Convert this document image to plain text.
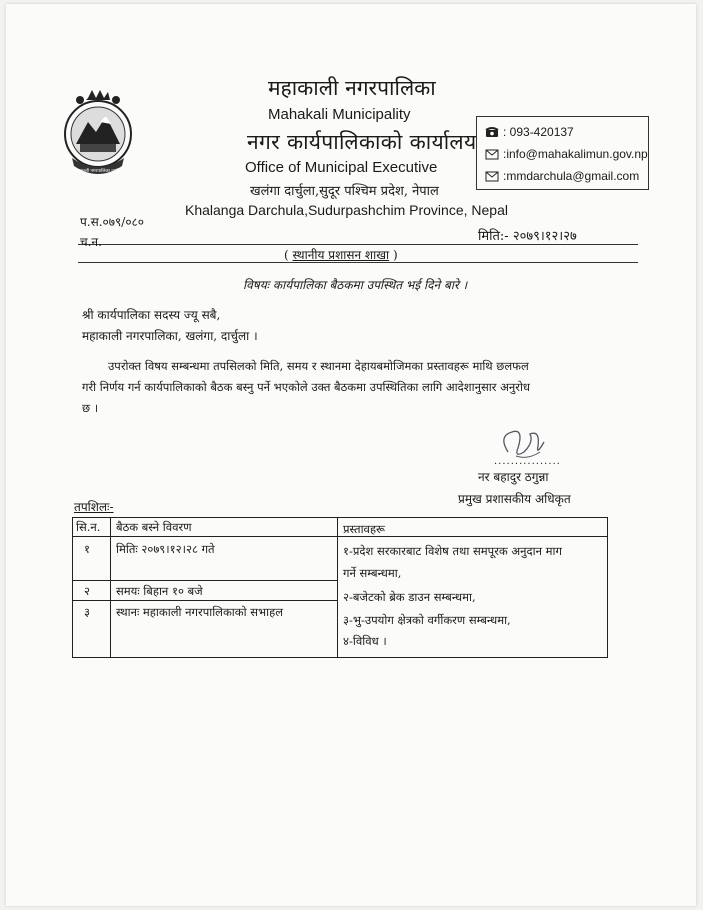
महाकाली नगरपालिका दार्चुला
महाकाली नगरपालिका
Mahakali Municipality
नगर कार्यपालिकाको कार्यालय
Office of Municipal Executive
खलंगा दार्चुला,सुदूर पश्चिम प्रदेश, नेपाल
Khalanga Darchula,Sudurpashchim Province, Nepal
: 093-420137
:info@mahakalimun.gov.np
:mmdarchula@gmail.com
प.स.०७९/०८०
मिति:- २०७९।१२।२७
च.न.
( स्थानीय प्रशासन शाखा )
विषयः कार्यपालिका बैठकमा उपस्थित भई दिने बारे ।
श्री कार्यपालिका सदस्य ज्यू सबै,
महाकाली नगरपालिका, खलंगा, दार्चुला ।
उपरोक्त विषय सम्बन्धमा तपसिलको मिति, समय र स्थानमा देहायबमोजिमका प्रस्तावहरू माथि छलफल
गरी निर्णय गर्न कार्यपालिकाको बैठक बस्नु पर्ने भएकोले उक्त बैठकमा उपस्थितिका लागि आदेशानुसार अनुरोध
छ ।
................
नर बहादुर ठगुन्ना
प्रमुख प्रशासकीय अधिकृत
तपशिलः-
सि.न. बैठक बस्ने विवरण	प्रस्तावहरू
१ मितिः २०७९।१२।२८ गते
२ समयः बिहान १० बजे
३ स्थानः महाकाली नगरपालिकाको सभाहल
१-प्रदेश सरकारबाट विशेष तथा समपूरक अनुदान माग
गर्ने सम्बन्धमा,
२-बजेटको ब्रेक डाउन सम्बन्धमा,
३-भु-उपयोग क्षेत्रको वर्गीकरण सम्बन्धमा,
४-विविध ।
